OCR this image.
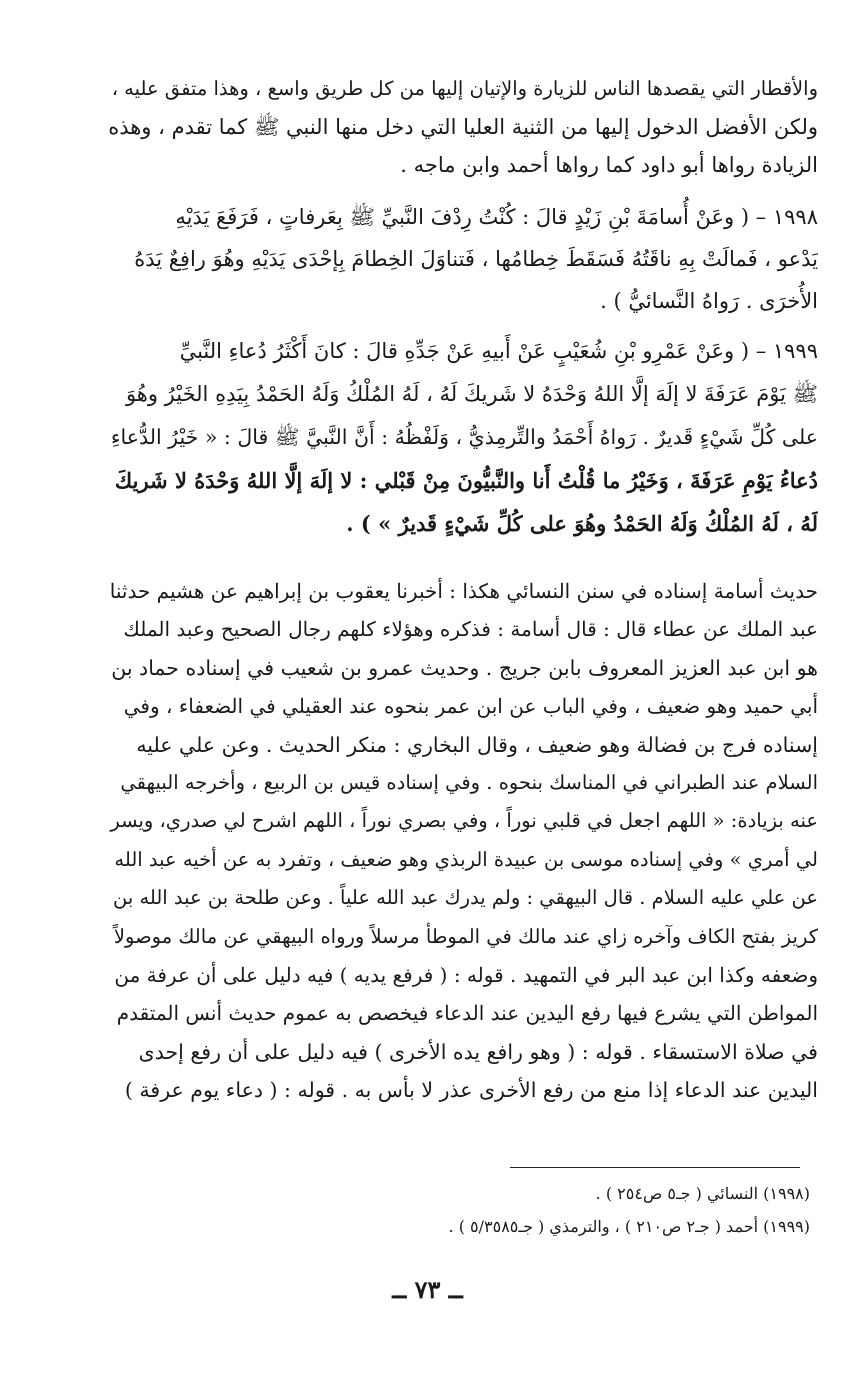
والأقطار التي يقصدها الناس للزيارة والإتيان إليها من كل طريق واسع ، وهذا متفق عليه ،
ولكن الأفضل الدخول إليها من الثنية العليا التي دخل منها النبي ﷺ كما تقدم ، وهذه
الزيادة رواها أبو داود كما رواها أحمد وابن ماجه .
١٩٩٨ – ( وعَنْ أُسامَةَ بْنِ زَيْدٍ قالَ : كُنْتُ رِدْفَ النَّبيِّ ﷺ بِعَرفاتٍ ، فَرَفَعَ يَدَيْهِ
يَدْعو ، فَمالَتْ بِهِ ناقَتُهُ فَسَقَطَ خِطامُها ، فَتناوَلَ الخِطامَ بِإحْدَى يَدَيْهِ وهُوَ رافِعٌ يَدَهُ
الأُخرَى . رَواهُ النَّسائيُّ ) .
١٩٩٩ – ( وعَنْ عَمْرِو بْنِ شُعَيْبٍ عَنْ أَبيهِ عَنْ جَدِّهِ قالَ : كانَ أَكْثَرُ دُعاءِ النَّبيِّ
ﷺ يَوْمَ عَرَفَةَ لا إلَهَ إلَّا اللهُ وَحْدَهُ لا شَريكَ لَهُ ، لَهُ المُلْكُ وَلَهُ الحَمْدُ بِيَدِهِ الخَيْرُ وهُوَ
على كُلِّ شَيْءٍ قَديرٌ . رَواهُ أَحْمَدُ والتِّرمِذيُّ ، وَلَفْظُهُ : أَنَّ النَّبيَّ ﷺ قالَ : « خَيْرُ الدُّعاءِ
دُعاءُ يَوْمِ عَرَفَةَ ، وَخَيْرُ ما قُلْتُ أَنا والنَّبيُّونَ مِنْ قَبْلي : لا إلَهَ إلَّا اللهُ وَحْدَهُ لا شَريكَ
لَهُ ، لَهُ المُلْكُ وَلَهُ الحَمْدُ وهُوَ على كُلِّ شَيْءٍ قَديرٌ » ) .
حديث أسامة إسناده في سنن النسائي هكذا : أخبرنا يعقوب بن إبراهيم عن هشيم حدثنا
عبد الملك عن عطاء قال : قال أسامة : فذكره وهؤلاء كلهم رجال الصحيح وعبد الملك
هو ابن عبد العزيز المعروف بابن جريج . وحديث عمرو بن شعيب في إسناده حماد بن
أبي حميد وهو ضعيف ، وفي الباب عن ابن عمر بنحوه عند العقيلي في الضعفاء ، وفي
إسناده فرج بن فضالة وهو ضعيف ، وقال البخاري : منكر الحديث . وعن علي عليه
السلام عند الطبراني في المناسك بنحوه . وفي إسناده قيس بن الربيع ، وأخرجه البيهقي
عنه بزيادة: « اللهم اجعل في قلبي نوراً ، وفي بصري نوراً ، اللهم اشرح لي صدري، ويسر
لي أمري » وفي إسناده موسى بن عبيدة الربذي وهو ضعيف ، وتفرد به عن أخيه عبد الله
عن علي عليه السلام . قال البيهقي : ولم يدرك عبد الله علياً . وعن طلحة بن عبد الله بن
كريز بفتح الكاف وآخره زاي عند مالك في الموطأ مرسلاً ورواه البيهقي عن مالك موصولاً
وضعفه وكذا ابن عبد البر في التمهيد . قوله : ( فرفع يديه ) فيه دليل على أن عرفة من
المواطن التي يشرع فيها رفع اليدين عند الدعاء فيخصص به عموم حديث أنس المتقدم
في صلاة الاستسقاء . قوله : ( وهو رافع يده الأخرى ) فيه دليل على أن رفع إحدى
اليدين عند الدعاء إذا منع من رفع الأخرى عذر لا بأس به . قوله : ( دعاء يوم عرفة )
(١٩٩٨) النسائي ( جـ٥ ص٢٥٤ ) .
(١٩٩٩) أحمد ( جـ٢ ص٢١٠ ) ، والترمذي ( جـ٥/٣٥٨٥ ) .
ــ ٧٣ ــ
